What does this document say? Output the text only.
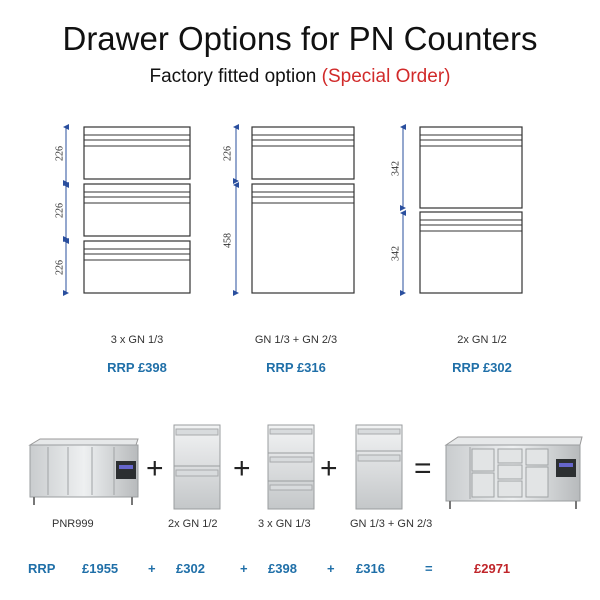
Drawer Options for PN Counters
Factory fitted option (Special Order)
226
226
226
226
458
342
342
3 x GN 1/3
RRP £398
GN 1/3 + GN 2/3
RRP £316
2x GN 1/2
RRP £302
+ + +	=
PNR999	2x GN 1/2	3 x GN 1/3	GN 1/3 + GN 2/3
RRP £1955 + £302	+ £398 + £316	=	£2971
